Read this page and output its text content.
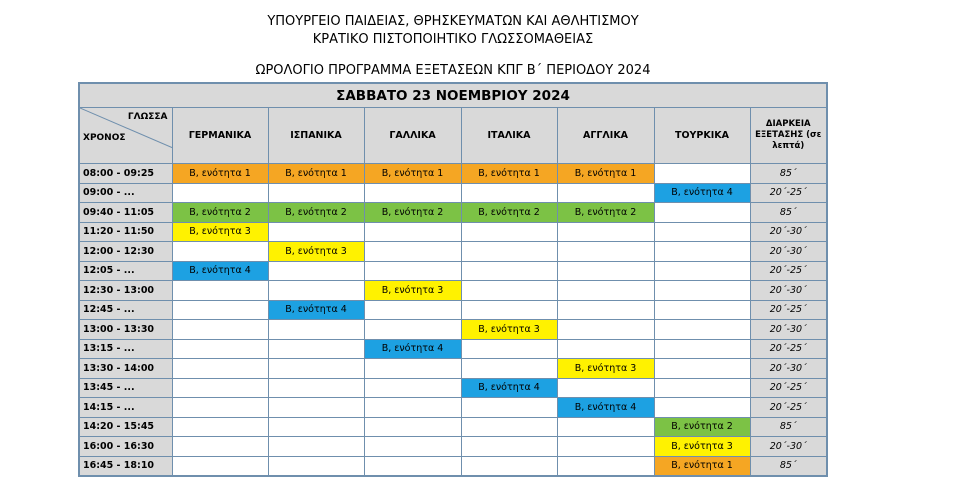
ΥΠΟΥΡΓΕΙΟ ΠΑΙΔΕΙΑΣ, ΘΡΗΣΚΕΥΜΑΤΩΝ ΚΑΙ ΑΘΛΗΤΙΣΜΟΥ
ΚΡΑΤΙΚΟ ΠΙΣΤΟΠΟΙΗΤΙΚΟ ΓΛΩΣΣΟΜΑΘΕΙΑΣ
ΩΡΟΛΟΓΙΟ ΠΡΟΓΡΑΜΜΑ ΕΞΕΤΑΣΕΩΝ ΚΠΓ Β΄ ΠΕΡΙΟΔΟΥ 2024
ΣΑΒΒΑΤΟ 23 ΝΟΕΜΒΡΙΟΥ 2024							

ΓΛΩΣΣΑ
ΧΡΟΝΟΣ	ΓΕΡΜΑΝΙΚΑ	ΙΣΠΑΝΙΚΑ	ΓΑΛΛΙΚΑ	ΙΤΑΛΙΚΑ	ΑΓΓΛΙΚΑ	ΤΟΥΡΚΙΚΑ	ΔΙΑΡΚΕΙΑ ΕΞΕΤΑΣΗΣ (σε λεπτά)
08:00 - 09:25	Β, ενότητα 1	Β, ενότητα 1	Β, ενότητα 1	Β, ενότητα 1	Β, ενότητα 1		85΄
09:00 - ...						Β, ενότητα 4	20΄-25΄
09:40 - 11:05	Β, ενότητα 2	Β, ενότητα 2	Β, ενότητα 2	Β, ενότητα 2	Β, ενότητα 2		85΄
11:20 - 11:50	Β, ενότητα 3						20΄-30΄
12:00 - 12:30		Β, ενότητα 3					20΄-30΄
12:05 - ...	Β, ενότητα 4						20΄-25΄
12:30 - 13:00			Β, ενότητα 3				20΄-30΄
12:45 - ...		Β, ενότητα 4					20΄-25΄
13:00 - 13:30				Β, ενότητα 3			20΄-30΄
13:15 - ...			Β, ενότητα 4				20΄-25΄
13:30 - 14:00					Β, ενότητα 3		20΄-30΄
13:45 - ...				Β, ενότητα 4			20΄-25΄
14:15 - ...					Β, ενότητα 4		20΄-25΄
14:20 - 15:45						Β, ενότητα 2	85΄
16:00 - 16:30						Β, ενότητα 3	20΄-30΄
16:45 - 18:10						Β, ενότητα 1	85΄
